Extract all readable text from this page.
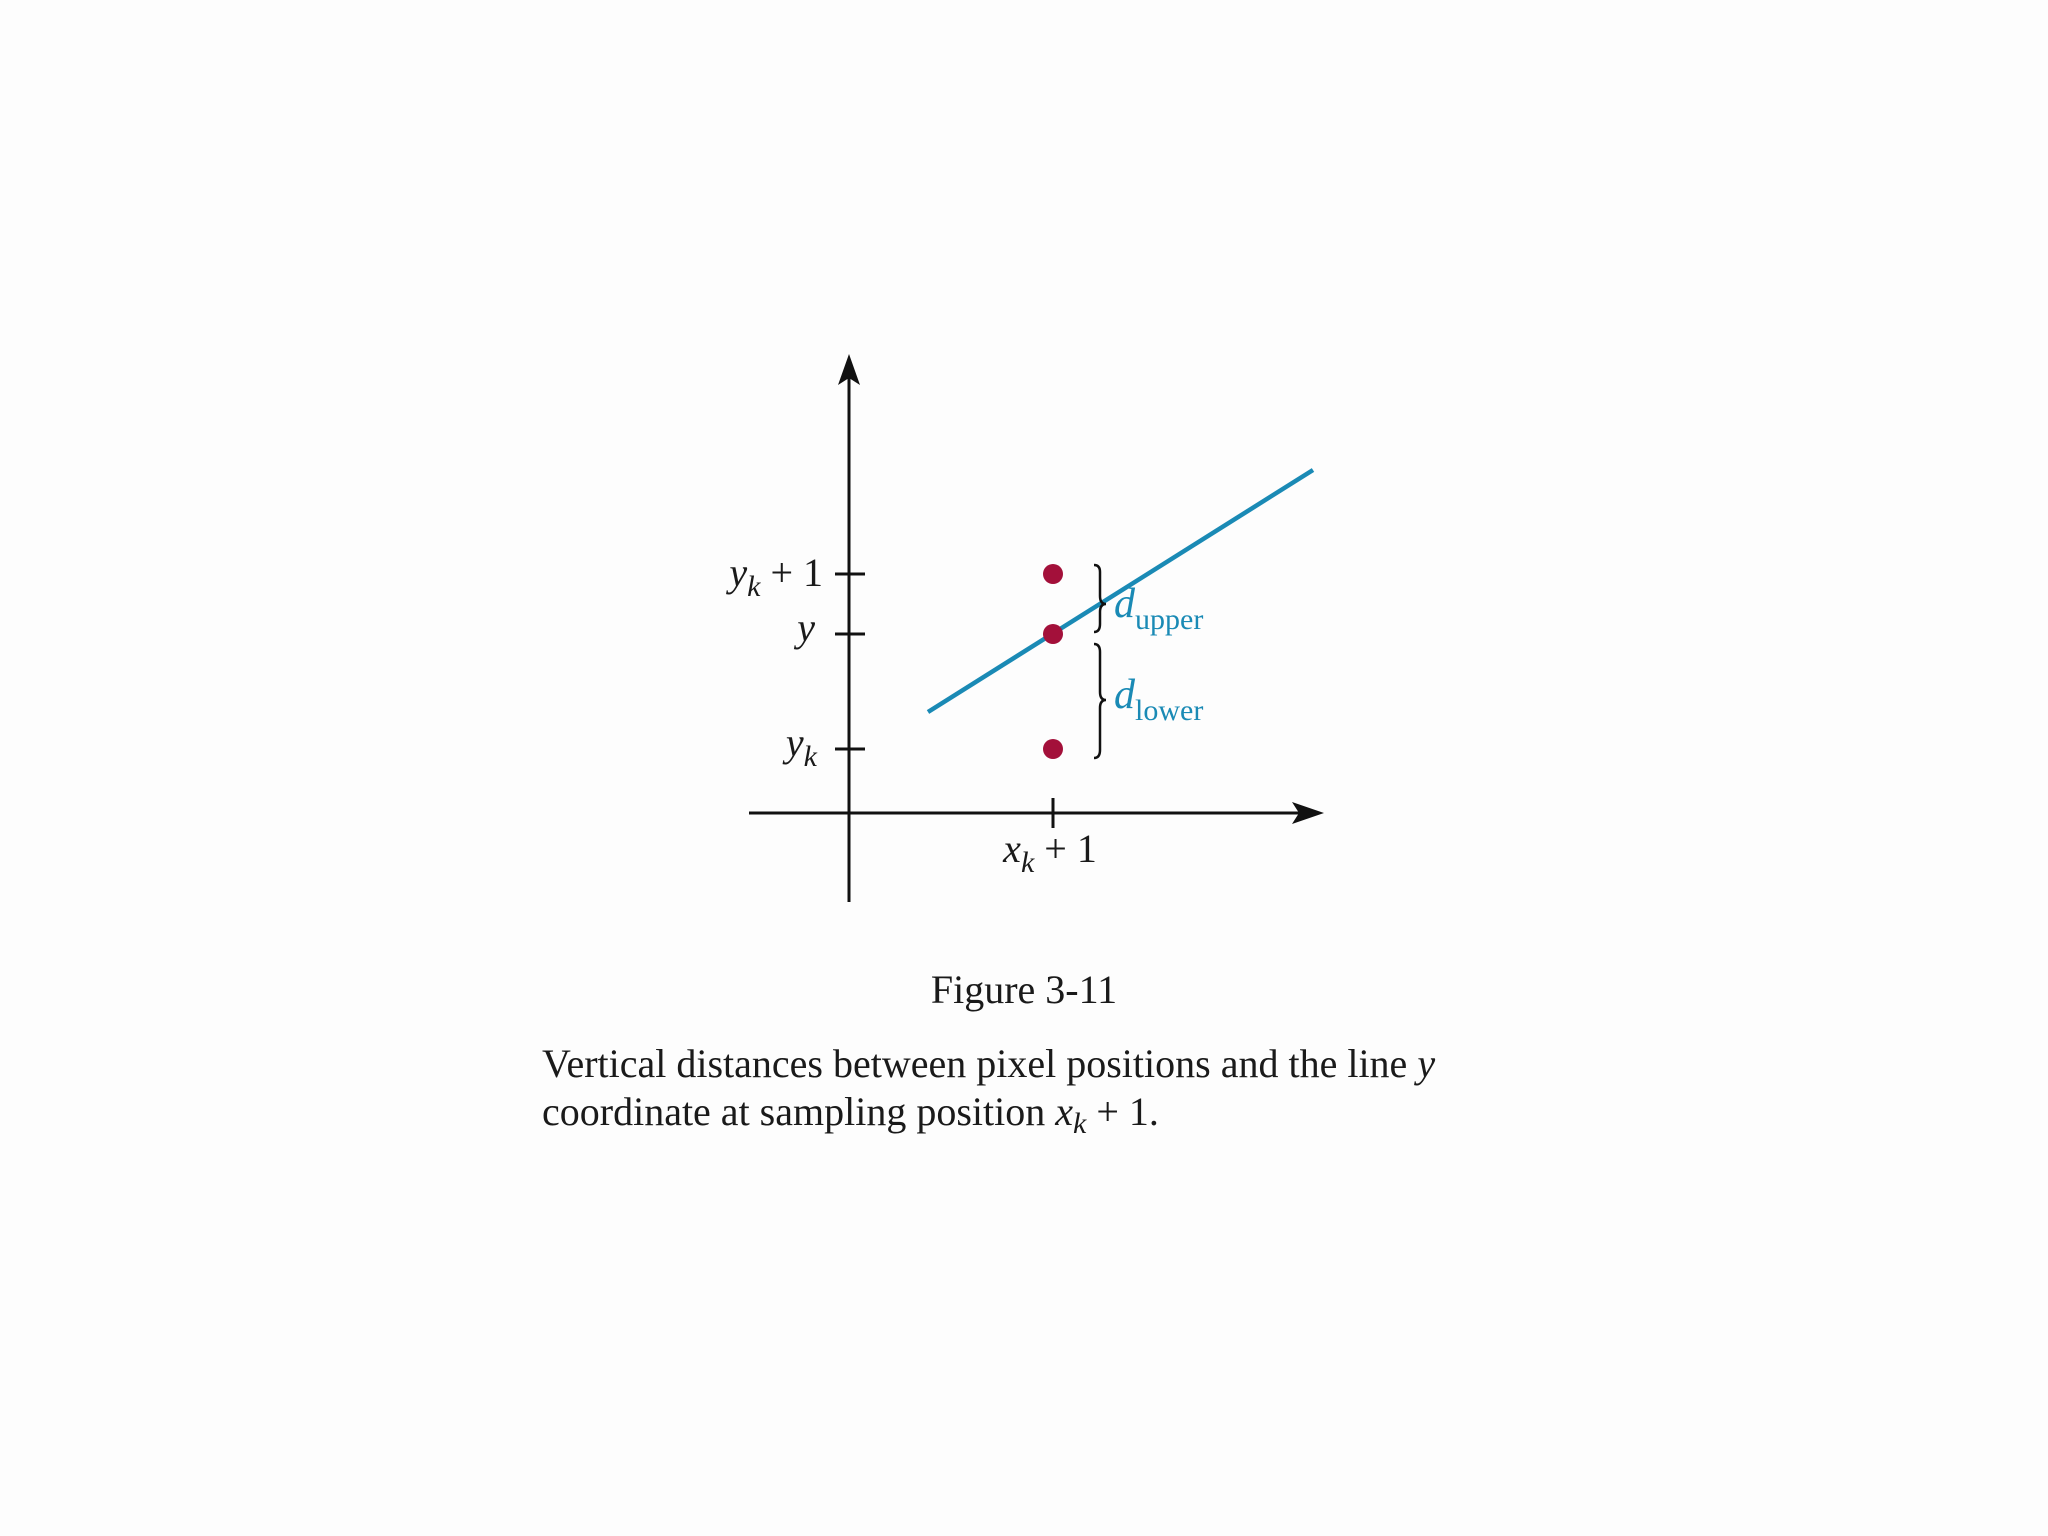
$y_k + 1$
y
$y_k$
$x_k + 1$
$d_{upper}$
$d_{lower}$
Figure 3-11
Vertical distances between pixel positions and the line y
coordinate at sampling position $x_k + 1$.
